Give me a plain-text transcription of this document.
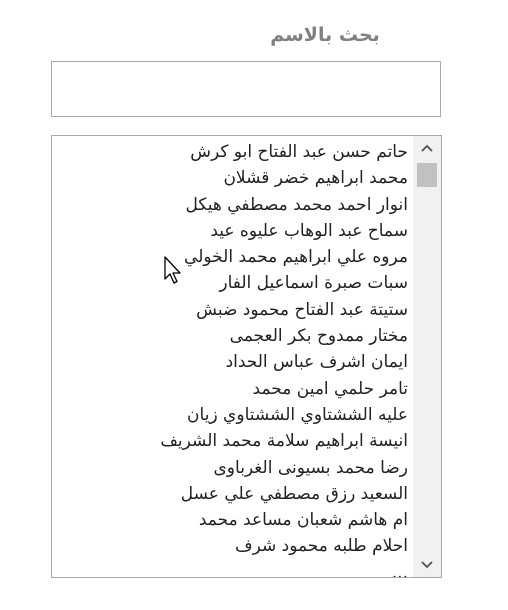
بحث بالاسم
حاتم حسن عبد الفتاح ابو كرش
محمد ابراهيم خضر قشلان
انوار احمد محمد مصطفي هيكل
سماح عبد الوهاب عليوه عيد
مروه علي ابراهيم محمد الخولي
سبات صبرة اسماعيل الفار
ستيتة عبد الفتاح محمود ضبش
مختار ممدوح بكر العجمى
ايمان اشرف عباس الحداد
تامر حلمي امين محمد
عليه الششتاوي الششتاوي زيان
انيسة ابراهيم سلامة محمد الشريف
رضا محمد بسيونى الغرباوى
السعيد رزق مصطفي علي عسل
ام هاشم شعبان مساعد محمد
احلام طلبه محمود شرف
...
